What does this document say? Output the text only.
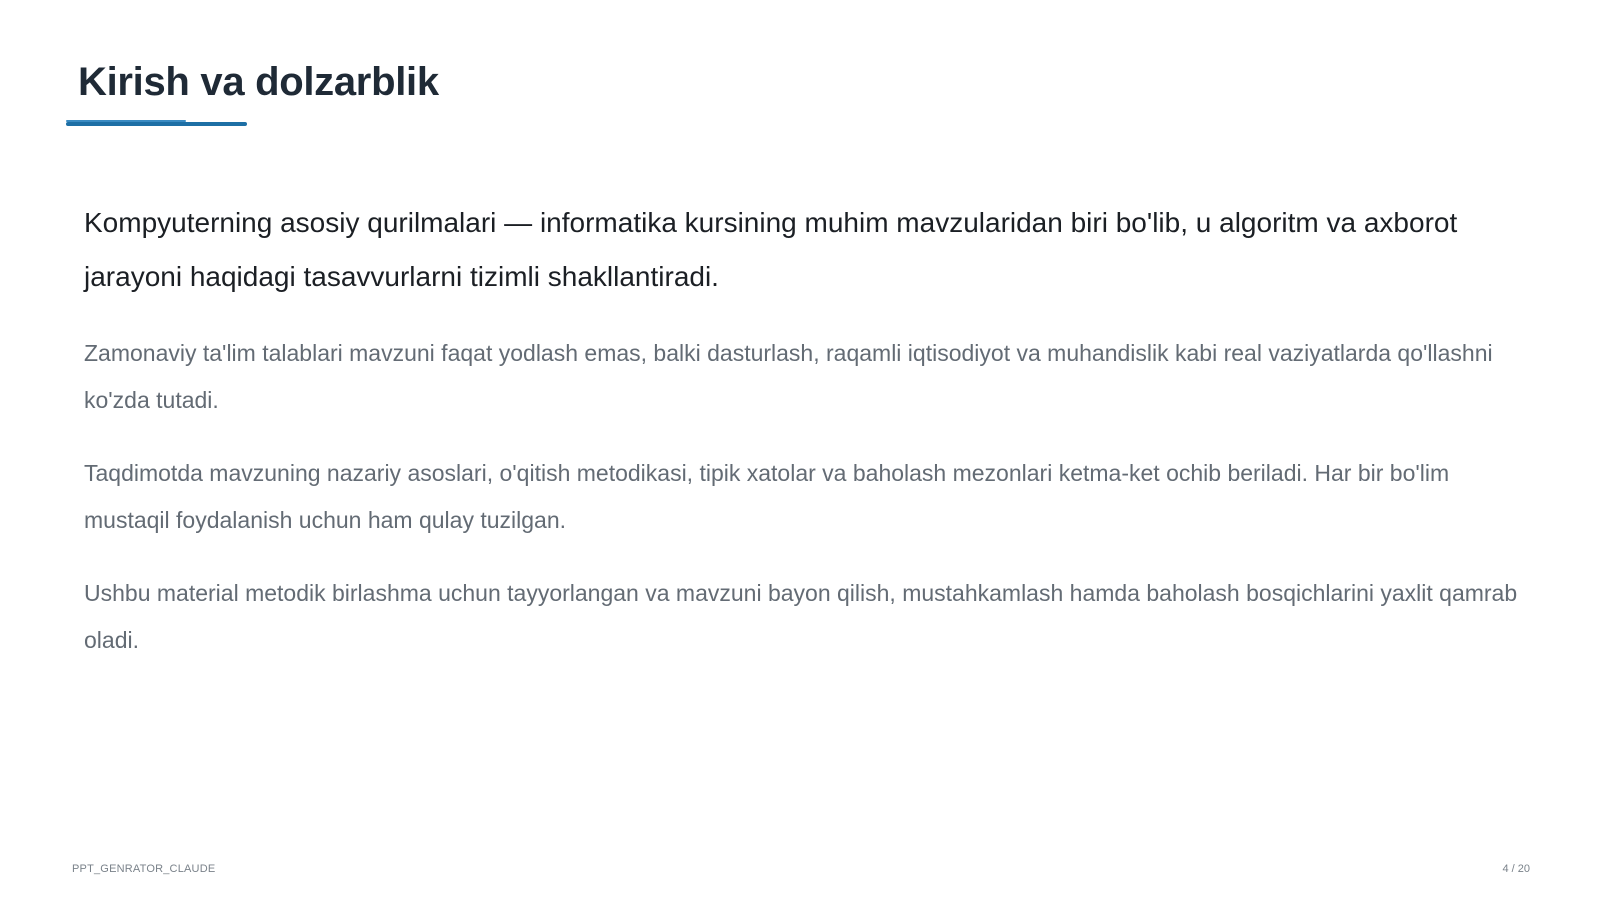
Kirish va dolzarblik

Kompyuterning asosiy qurilmalari — informatika kursining muhim mavzularidan biri bo'lib, u algoritm va axborot jarayoni haqidagi tasavvurlarni tizimli shakllantiradi.

Zamonaviy ta'lim talablari mavzuni faqat yodlash emas, balki dasturlash, raqamli iqtisodiyot va muhandislik kabi real vaziyatlarda qo'llashni ko'zda tutadi.

Taqdimotda mavzuning nazariy asoslari, o'qitish metodikasi, tipik xatolar va baholash mezonlari ketma-ket ochib beriladi. Har bir bo'lim mustaqil foydalanish uchun ham qulay tuzilgan.

Ushbu material metodik birlashma uchun tayyorlangan va mavzuni bayon qilish, mustahkamlash hamda baholash bosqichlarini yaxlit qamrab oladi.

PPT_GENRATOR_CLAUDE	4 / 20
